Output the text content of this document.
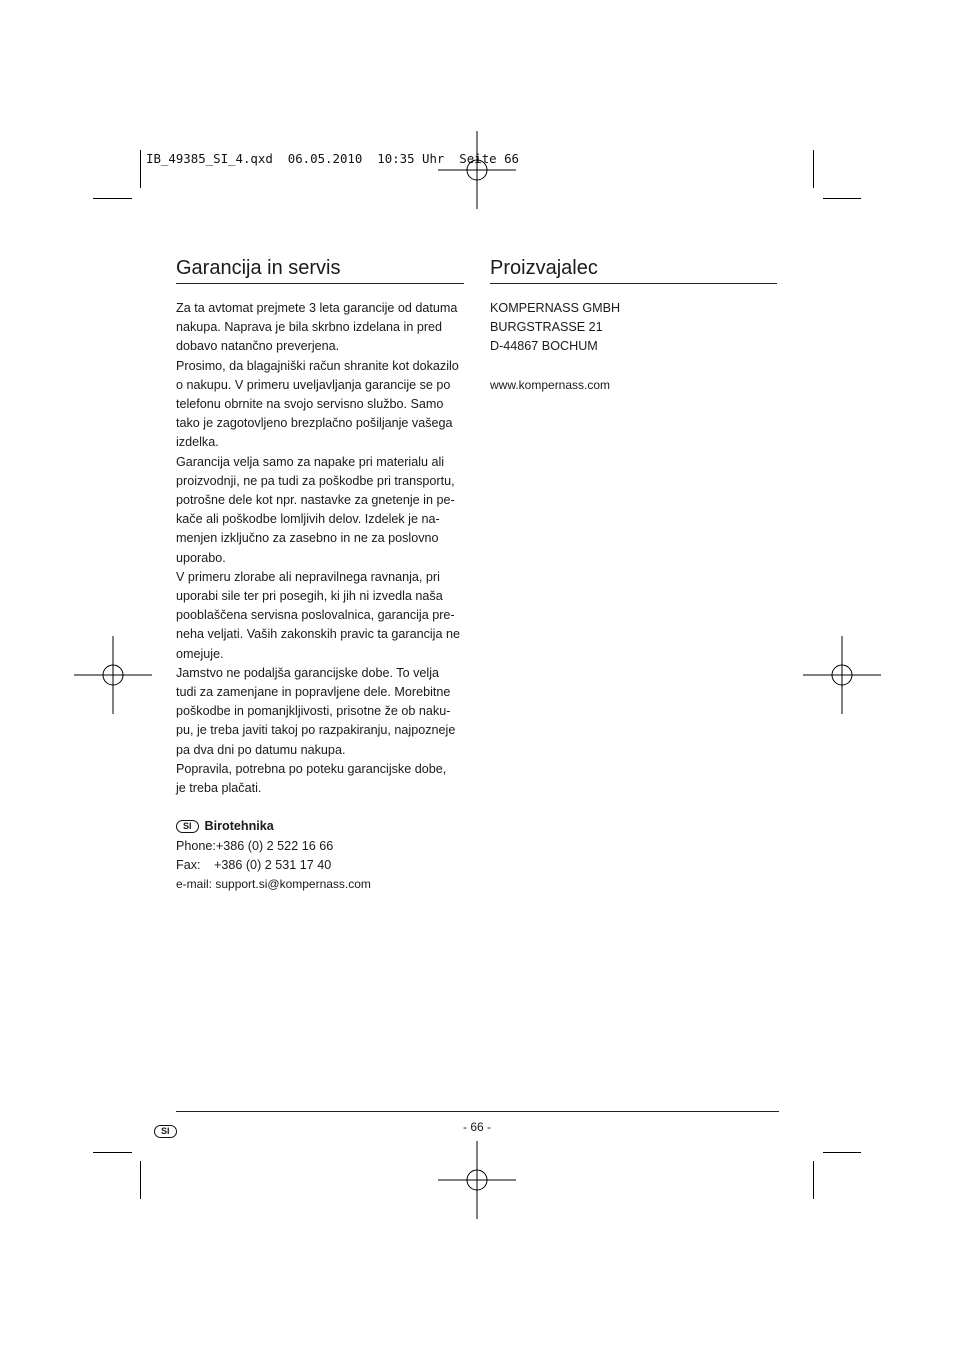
IB_49385_SI_4.qxd  06.05.2010  10:35 Uhr  Seite 66
Garancija in servis

Za ta avtomat prejmete 3 leta garancije od datuma

nakupa. Naprava je bila skrbno izdelana in pred

dobavo natančno preverjena.

Prosimo, da blagajniški račun shranite kot dokazilo

o nakupu. V primeru uveljavljanja garancije se po

telefonu obrnite na svojo servisno službo. Samo

tako je zagotovljeno brezplačno pošiljanje vašega

izdelka.

Garancija velja samo za napake pri materialu ali

proizvodnji, ne pa tudi za poškodbe pri transportu,

potrošne dele kot npr. nastavke za gnetenje in pe-

kače ali poškodbe lomljivih delov. Izdelek je na-

menjen izključno za zasebno in ne za poslovno

uporabo.

V primeru zlorabe ali nepravilnega ravnanja, pri

uporabi sile ter pri posegih, ki jih ni izvedla naša

pooblaščena servisna poslovalnica, garancija pre-

neha veljati. Vaših zakonskih pravic ta garancija ne

omejuje.

Jamstvo ne podaljša garancijske dobe. To velja

tudi za zamenjane in popravljene dele. Morebitne

poškodbe in pomanjkljivosti, prisotne že ob naku-

pu, je treba javiti takoj po razpakiranju, najpozneje

pa dva dni po datumu nakupa.

Popravila, potrebna po poteku garancijske dobe,

je treba plačati.

SI Birotehnika

Phone:+386 (0) 2 522 16 66

Fax: +386 (0) 2 531 17 40

e-mail: support.si@kompernass.com

Proizvajalec

KOMPERNASS GMBH

BURGSTRASSE 21

D-44867 BOCHUM

www.kompernass.com

SI	- 66 -
